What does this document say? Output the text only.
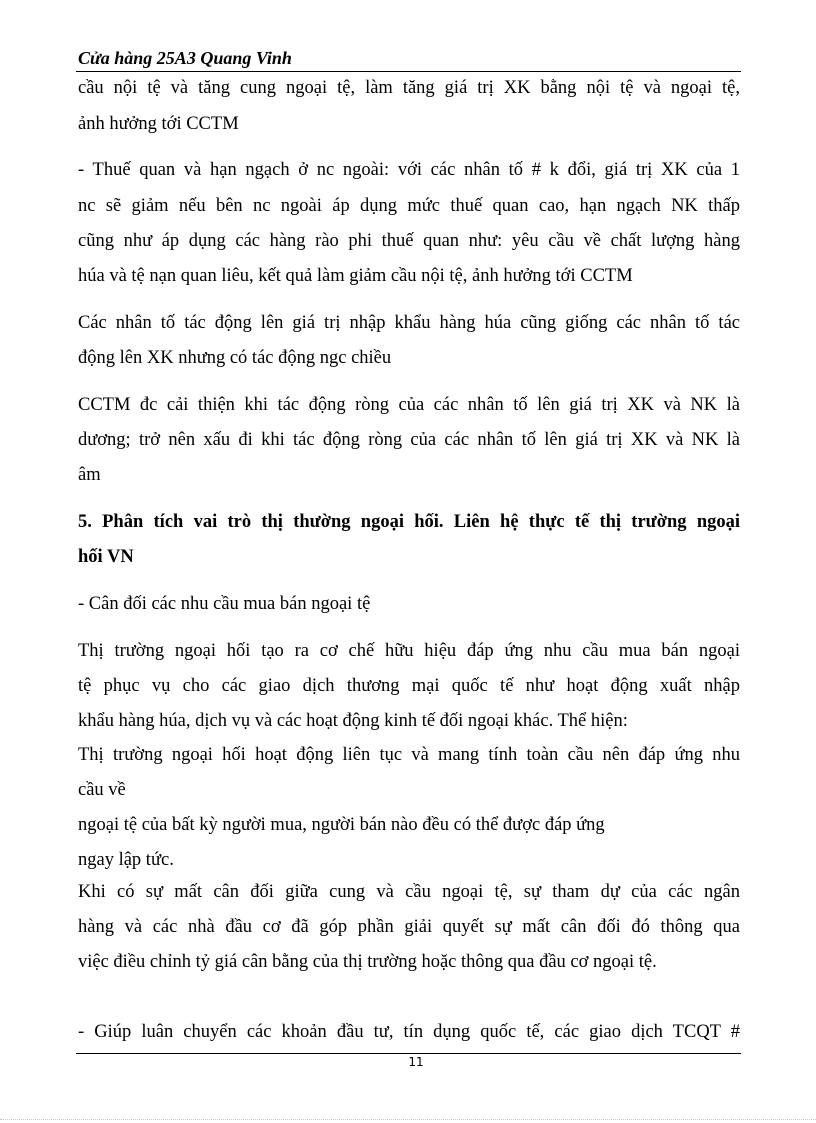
Cửa hàng 25A3 Quang Vinh
cầu nội tệ và tăng cung ngoại tệ, làm tăng giá trị XK bằng nội tệ và ngoại tệ,
ảnh hưởng tới CCTM
- Thuế quan và hạn ngạch ở nc ngoài: với các nhân tố # k đổi, giá trị XK của 1
nc sẽ giảm nếu bên nc ngoài áp dụng mức thuế quan cao, hạn ngạch NK thấp
cũng như áp dụng các hàng rào phi thuế quan như: yêu cầu về chất lượng hàng
húa và tệ nạn quan liêu, kết quả làm giảm cầu nội tệ, ảnh hưởng tới CCTM
Các nhân tố tác động lên giá trị nhập khẩu hàng húa cũng giống các nhân tố tác
động lên XK nhưng có tác động ngc chiều
CCTM đc cải thiện khi tác động ròng của các nhân tố lên giá trị XK và NK là
dương; trở nên xấu đi khi tác động ròng của các nhân tố lên giá trị XK và NK là
âm
5. Phân tích vai trò thị thường ngoại hối. Liên hệ thực tế thị trường ngoại
hối VN
- Cân đối các nhu cầu mua bán ngoại tệ
Thị trường ngoại hối tạo ra cơ chế hữu hiệu đáp ứng nhu cầu mua bán ngoại
tệ phục vụ cho các giao dịch thương mại quốc tế như hoạt động xuất nhập
khẩu hàng húa, dịch vụ và các hoạt động kinh tế đối ngoại khác. Thể hiện:
Thị trường ngoại hối hoạt động liên tục và mang tính toàn cầu nên đáp ứng nhu
cầu về
ngoại tệ của bất kỳ người mua, người bán nào đều có thể được đáp ứng
ngay lập tức.
Khi có sự mất cân đối giữa cung và cầu ngoại tệ, sự tham dự của các ngân
hàng và các nhà đầu cơ đã góp phần giải quyết sự mất cân đối đó thông qua
việc điều chỉnh tỷ giá cân bằng của thị trường hoặc thông qua đầu cơ ngoại tệ.
- Giúp luân chuyển các khoản đầu tư, tín dụng quốc tế, các giao dịch TCQT #
11
